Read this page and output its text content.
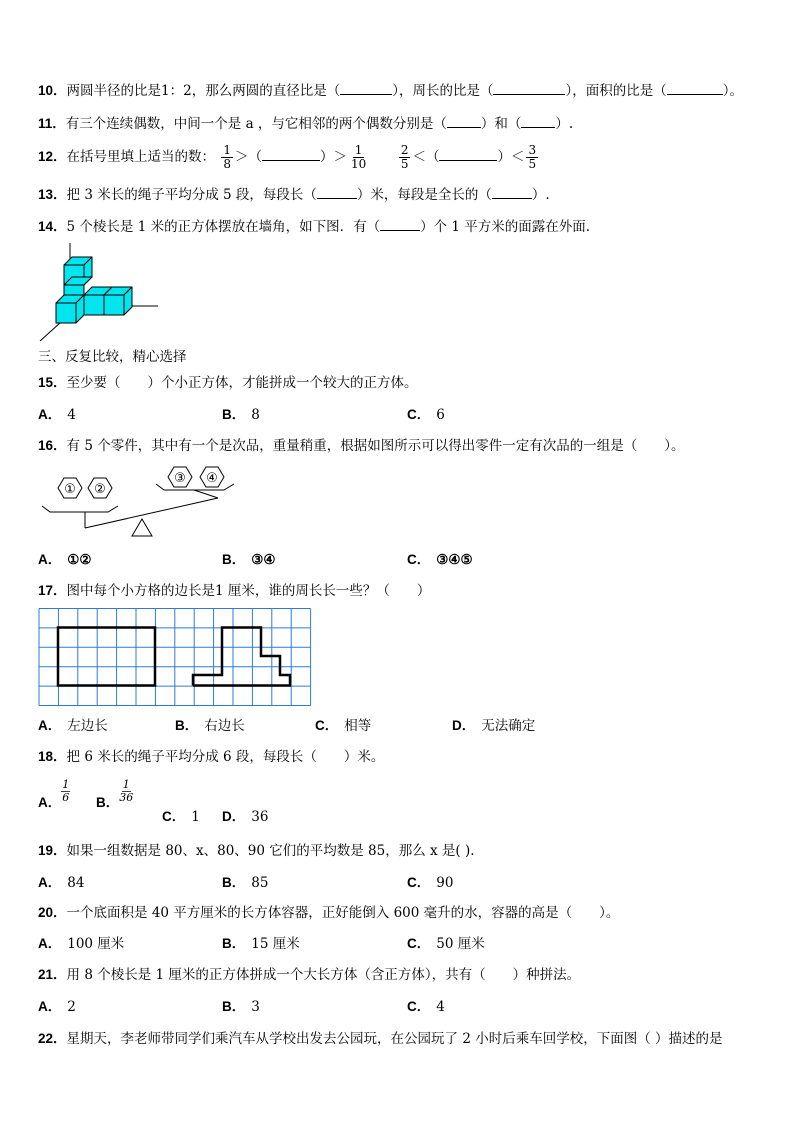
10．两圆半径的比是1：2，那么两圆的直径比是（	），周长的比是（	），面积的比是（	）。
11．有三个连续偶数，中间一个是 a ，与它相邻的两个偶数分别是（	）和（	）.
12．在括号里填上适当的数： $\frac{1}{8}$ ＞（	）＞ $\frac{1}{10}$
	$\frac{2}{5}$ ＜（	）＜ $\frac{3}{5}$
13．把 3 米长的绳子平均分成 5 段，每段长（	）米，每段是全长的（	）.
14．5 个棱长是 1 米的正方体摆放在墙角，如下图．有（	）个 1 平方米的面露在外面.
三、反复比较，精心选择
15．至少要（　　）个小正方体，才能拼成一个较大的正方体。
A． 4	B． 8	C． 6
16．有 5 个零件，其中有一个是次品，重量稍重，根据如图所示可以得出零件一定有次品的一组是（　　）。
① ②
③ ④
A． ①②	B． ③④	C． ③④⑤
17．图中每个小方格的边长是1 厘米，谁的周长长一些？（　　）
A． 左边长	B． 右边长	C． 相等	D． 无法确定
18．把 6 米长的绳子平均分成 6 段，每段长（　　）米。
A． $\frac{1}{6}$ B． $\frac{1}{36}$
C． 1 D． 36
19．如果一组数据是 80、x、80、90 它们的平均数是 85，那么 x 是( ).
A． 84	B． 85	C． 90
20．一个底面积是 40 平方厘米的长方体容器，正好能倒入 600 毫升的水，容器的高是（　　）。
A． 100 厘米	B． 15 厘米	C． 50 厘米
21．用 8 个棱长是 1 厘米的正方体拼成一个大长方体（含正方体），共有（　　）种拼法。
A． 2	B． 3	C． 4
22．星期天，李老师带同学们乘汽车从学校出发去公园玩，在公园玩了 2 小时后乘车回学校，下面图（ ）描述的是
